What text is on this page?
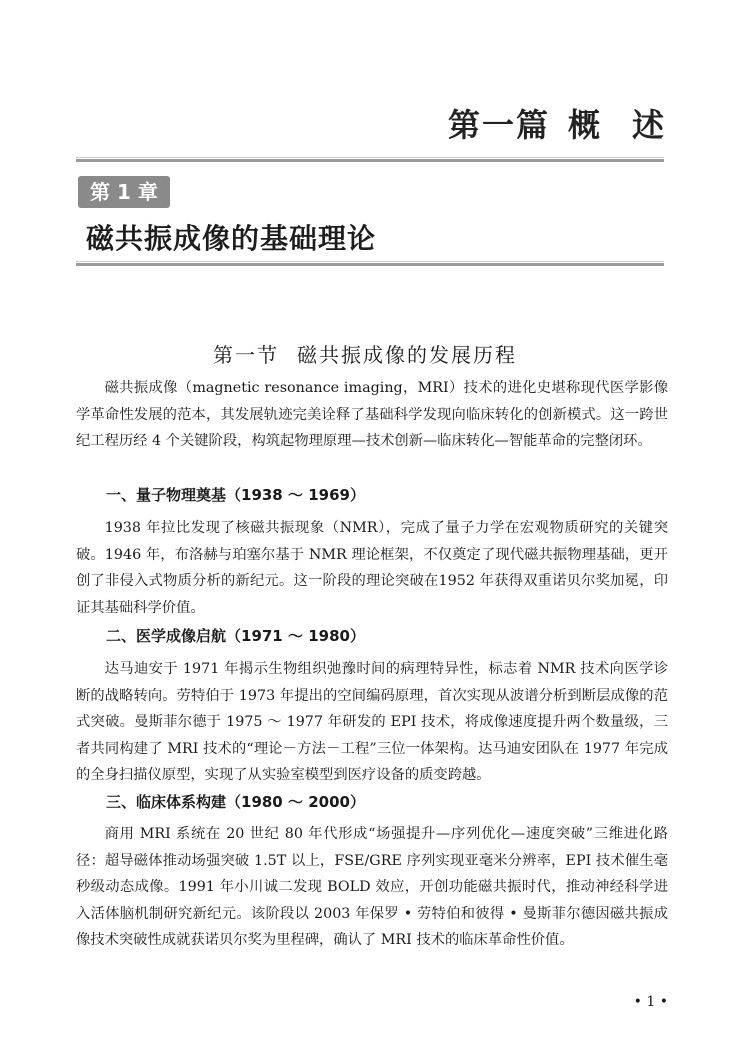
第一篇 概 述
第 1 章
磁共振成像的基础理论
第一节 磁共振成像的发展历程

磁共振成像（magnetic resonance imaging，MRI）技术的进化史堪称现代医学影像学革命性发展的范本，其发展轨迹完美诠释了基础科学发现向临床转化的创新模式。这一跨世纪工程历经 4 个关键阶段，构筑起物理原理—技术创新—临床转化—智能革命的完整闭环。

一、量子物理奠基（1938 ～ 1969）

1938 年拉比发现了核磁共振现象（NMR），完成了量子力学在宏观物质研究的关键突破。1946 年，布洛赫与珀塞尔基于 NMR 理论框架，不仅奠定了现代磁共振物理基础，更开创了非侵入式物质分析的新纪元。这一阶段的理论突破在1952 年获得双重诺贝尔奖加冕，印证其基础科学价值。

二、医学成像启航（1971 ～ 1980）

达马迪安于 1971 年揭示生物组织弛豫时间的病理特异性，标志着 NMR 技术向医学诊断的战略转向。劳特伯于 1973 年提出的空间编码原理，首次实现从波谱分析到断层成像的范式突破。曼斯菲尔德于 1975 ～ 1977 年研发的 EPI 技术，将成像速度提升两个数量级，三者共同构建了 MRI 技术的“理论－方法－工程”三位一体架构。达马迪安团队在 1977 年完成的全身扫描仪原型，实现了从实验室模型到医疗设备的质变跨越。

三、临床体系构建（1980 ～ 2000）

商用 MRI 系统在 20 世纪 80 年代形成“场强提升—序列优化—速度突破”三维进化路径：超导磁体推动场强突破 1.5T 以上，FSE/GRE 序列实现亚毫米分辨率，EPI 技术催生毫秒级动态成像。1991 年小川诚二发现 BOLD 效应，开创功能磁共振时代，推动神经科学进入活体脑机制研究新纪元。该阶段以 2003 年保罗 • 劳特伯和彼得 • 曼斯菲尔德因磁共振成像技术突破性成就获诺贝尔奖为里程碑，确认了 MRI 技术的临床革命性价值。

• 1 •
